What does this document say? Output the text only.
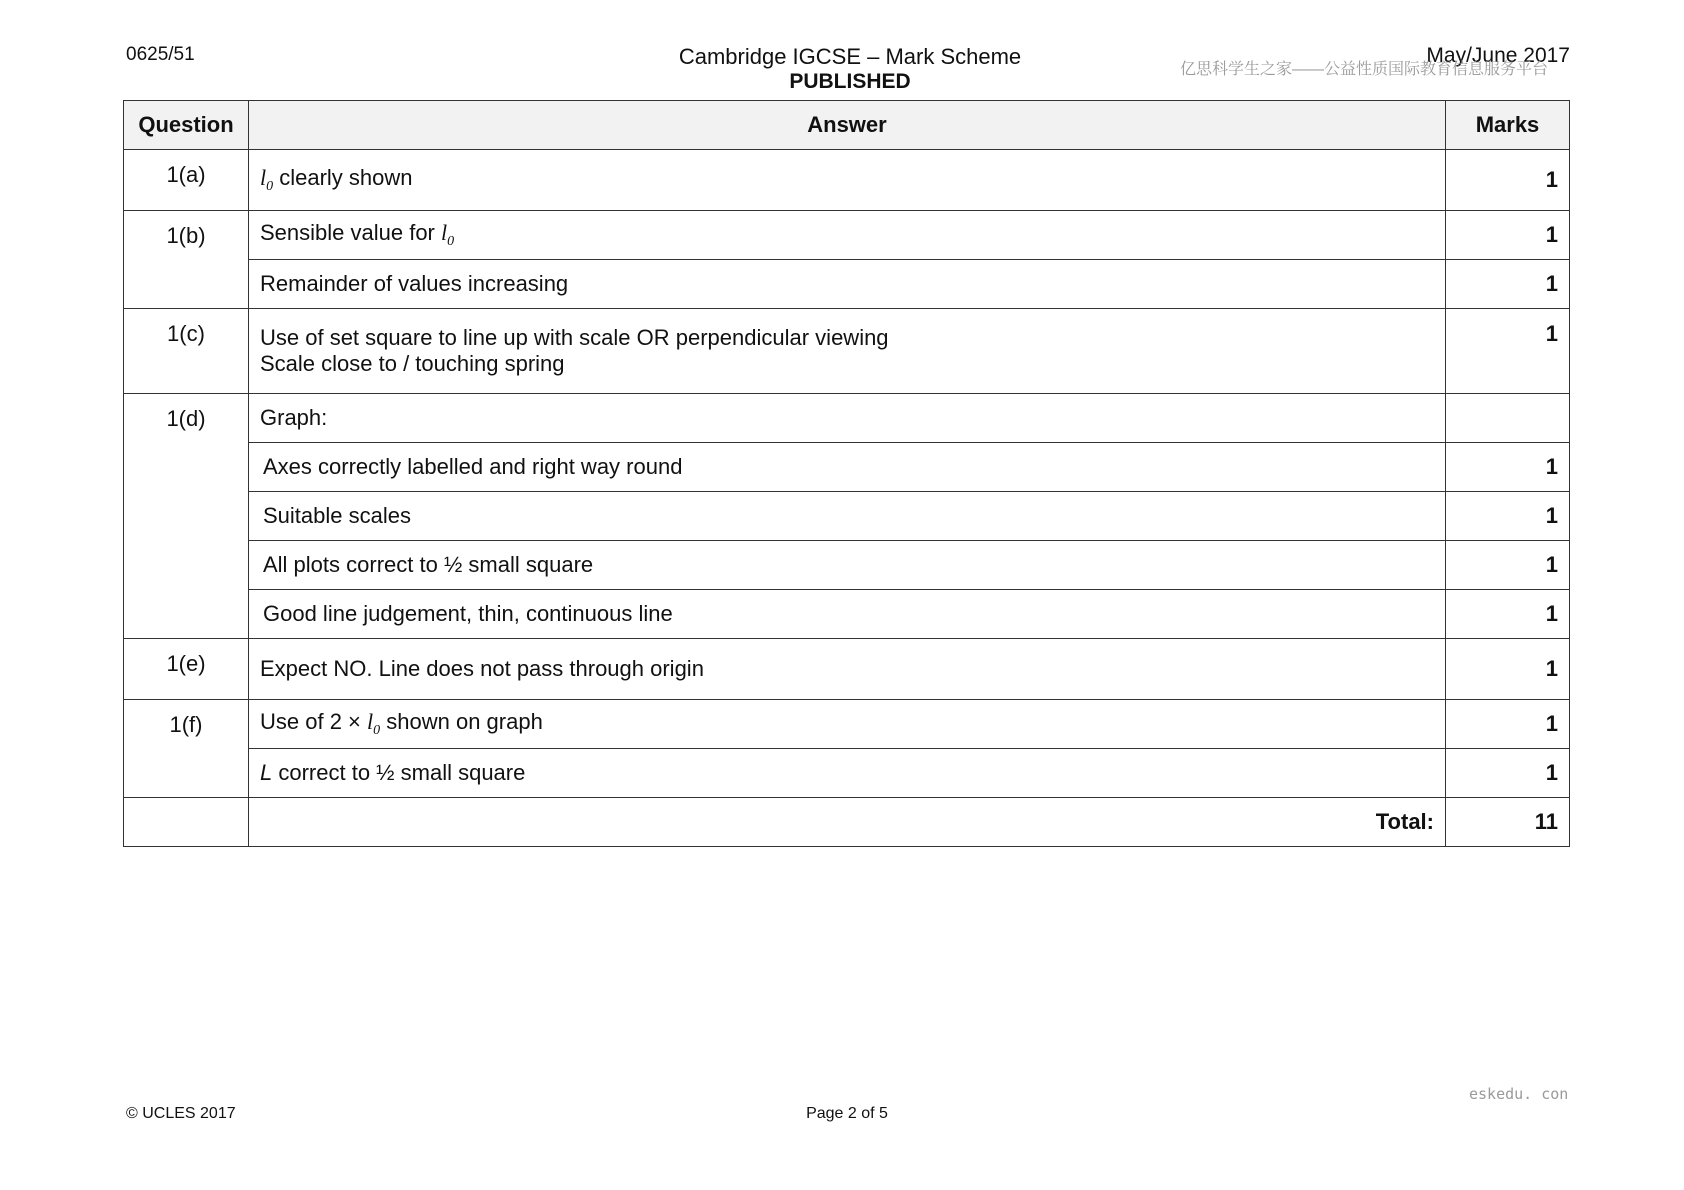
0625/51	Cambridge IGCSE – Mark Scheme
PUBLISHED
May/June 2017
亿思科学生之家——公益性质国际教育信息服务平台
Question	Answer	Marks
1(a)	$l_0$ clearly shown	1
1(b)	Sensible value for $l_0$	1
	Remainder of values increasing	1
1(c)	Use of set square to line up with scale OR perpendicular viewing
Scale close to / touching spring	1
1(d)	Graph:	
	Axes correctly labelled and right way round	1
	Suitable scales	1
	All plots correct to ½ small square	1
	Good line judgement, thin, continuous line	1
1(e)	Expect NO. Line does not pass through origin	1
1(f)	Use of $2 \times l_0$ shown on graph	1
	L correct to ½ small square	1
	Total:	11
eskedu. con
© UCLES 2017	Page 2 of 5
